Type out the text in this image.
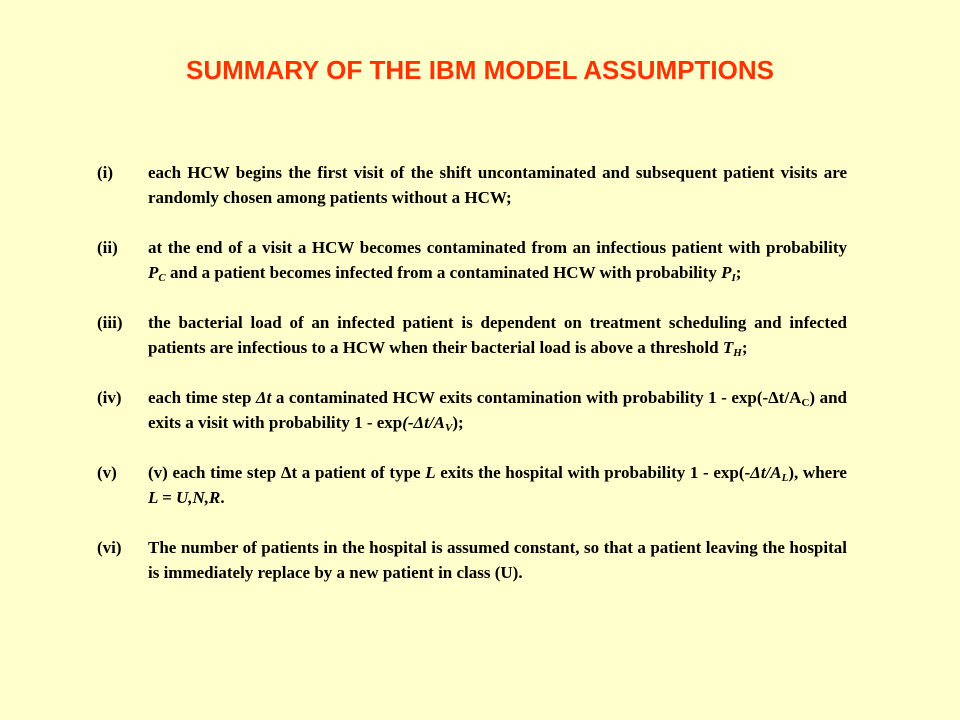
SUMMARY OF THE IBM MODEL ASSUMPTIONS
(i)	each HCW begins the first visit of the shift uncontaminated and subsequent patient visits are randomly chosen among patients without a HCW;
(ii)	at the end of a visit a HCW becomes contaminated from an infectious patient with probability $P_C$ and a patient becomes infected from a contaminated HCW with probability $P_I$;
(iii)	the bacterial load of an infected patient is dependent on treatment scheduling and infected patients are infectious to a HCW when their bacterial load is above a threshold $T_H$;
(iv)	each time step Δt a contaminated HCW exits contamination with probability $1 - \exp(-\Delta t/A_C)$ and exits a visit with probability $1 - \exp(-\Delta t/A_V)$;
(v)	(v) each time step Δt a patient of type L exits the hospital with probability $1 - \exp(-\Delta t/A_L)$, where L = U,N,R.
(vi)	The number of patients in the hospital is assumed constant, so that a patient leaving the hospital is immediately replace by a new patient in class (U).
